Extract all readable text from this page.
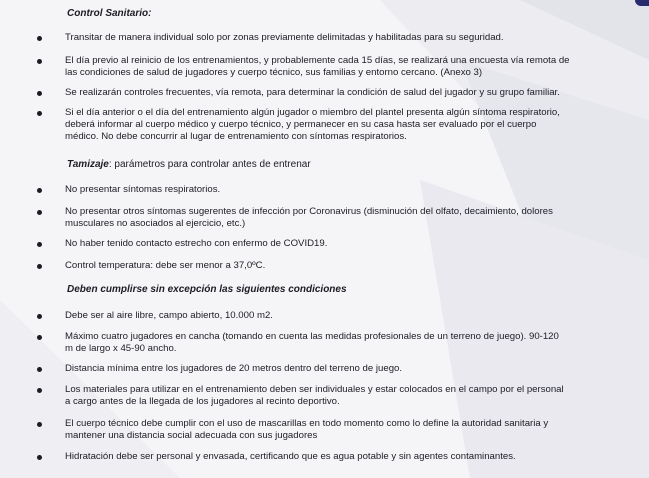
Control Sanitario:
Transitar de manera individual solo por zonas previamente delimitadas y habilitadas para su seguridad.
El día previo al reinicio de los entrenamientos, y probablemente cada 15 días, se realizará una encuesta vía remota de
las condiciones de salud de jugadores y cuerpo técnico, sus familias y entorno cercano. (Anexo 3)
Se realizarán controles frecuentes, vía remota, para determinar la condición de salud del jugador y su grupo familiar.
Si el día anterior o el día del entrenamiento algún jugador o miembro del plantel presenta algún síntoma respiratorio,
deberá informar al cuerpo médico y cuerpo técnico, y permanecer en su casa hasta ser evaluado por el cuerpo
médico. No debe concurrir al lugar de entrenamiento con síntomas respiratorios.
Tamizaje: parámetros para controlar antes de entrenar
No presentar síntomas respiratorios.
No presentar otros síntomas sugerentes de infección por Coronavirus (disminución del olfato, decaimiento, dolores
musculares no asociados al ejercicio, etc.)
No haber tenido contacto estrecho con enfermo de COVID19.
Control temperatura: debe ser menor a 37,0ºC.
Deben cumplirse sin excepción las siguientes condiciones
Debe ser al aire libre, campo abierto, 10.000 m2.
Máximo cuatro jugadores en cancha (tomando en cuenta las medidas profesionales de un terreno de juego). 90-120
m de largo x 45-90 ancho.
Distancia mínima entre los jugadores de 20 metros dentro del terreno de juego.
Los materiales para utilizar en el entrenamiento deben ser individuales y estar colocados en el campo por el personal
a cargo antes de la llegada de los jugadores al recinto deportivo.
El cuerpo técnico debe cumplir con el uso de mascarillas en todo momento como lo define la autoridad sanitaria y
mantener una distancia social adecuada con sus jugadores
Hidratación debe ser personal y envasada, certificando que es agua potable y sin agentes contaminantes.
